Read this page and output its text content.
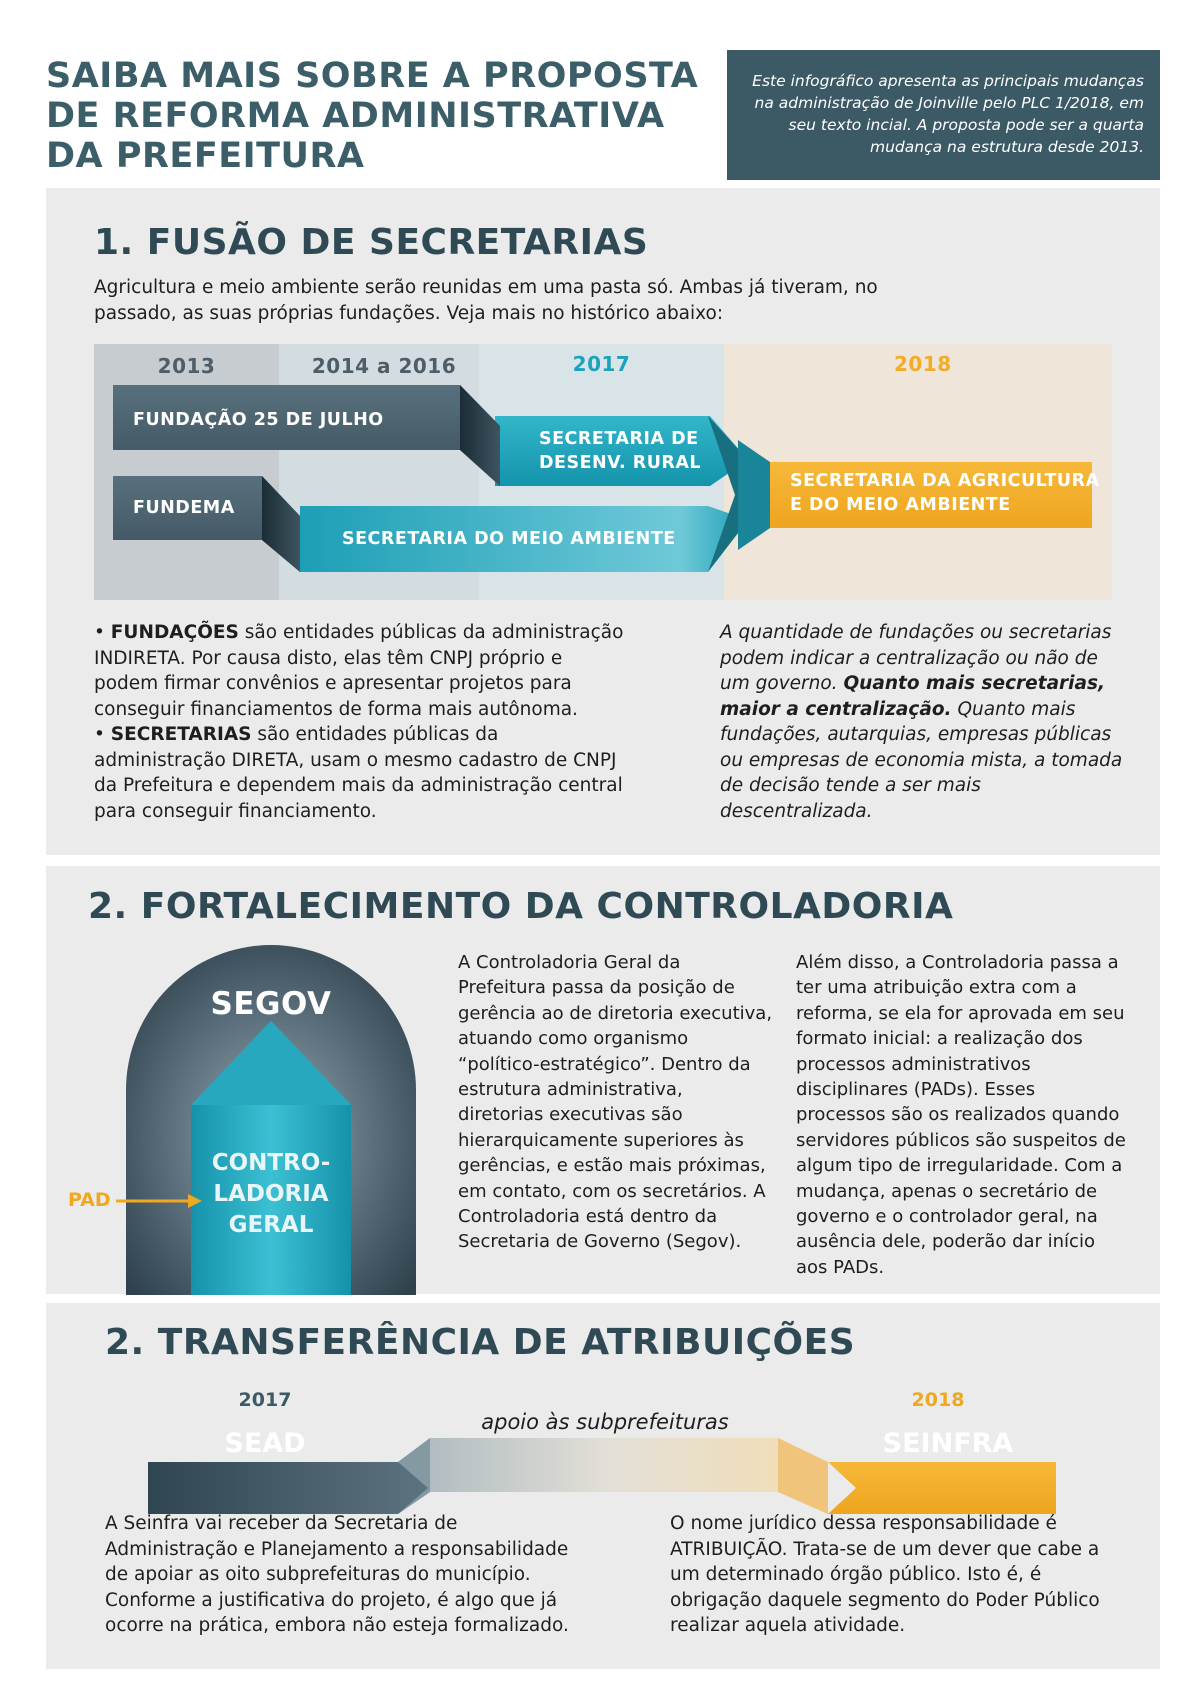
SAIBA MAIS SOBRE A PROPOSTA
DE REFORMA ADMINISTRATIVA
DA PREFEITURA
Este infográfico apresenta as principais mudanças na administração de Joinville pelo PLC 1/2018, em seu texto incial. A proposta pode ser a quarta mudança na estrutura desde 2013.
1. FUSÃO DE SECRETARIAS
Agricultura e meio ambiente serão reunidas em uma pasta só. Ambas já tiveram, no passado, as suas próprias fundações. Veja mais no histórico abaixo:
2013	2014 a 2016	2017	2018
FUNDAÇÃO 25 DE JULHO
FUNDEMA
SECRETARIA DE
DESENV. RURAL
SECRETARIA DO MEIO AMBIENTE
SECRETARIA DA AGRICULTURA
E DO MEIO AMBIENTE
• FUNDAÇÕES são entidades públicas da administração INDIRETA. Por causa disto, elas têm CNPJ próprio e podem firmar convênios e apresentar projetos para conseguir financiamentos de forma mais autônoma.
• SECRETARIAS são entidades públicas da administração DIRETA, usam o mesmo cadastro de CNPJ da Prefeitura e dependem mais da administração central para conseguir financiamento.
A quantidade de fundações ou secretarias podem indicar a centralização ou não de um governo. Quanto mais secretarias, maior a centralização. Quanto mais fundações, autarquias, empresas públicas ou empresas de economia mista, a tomada de decisão tende a ser mais descentralizada.
2. FORTALECIMENTO DA CONTROLADORIA
SEGOV
CONTRO-
LADORIA
GERAL
PAD
A Controladoria Geral da Prefeitura passa da posição de gerência ao de diretoria executiva, atuando como organismo “político-estratégico”. Dentro da estrutura administrativa, diretorias executivas são hierarquicamente superiores às gerências, e estão mais próximas, em contato, com os secretários. A Controladoria está dentro da Secretaria de Governo (Segov).
Além disso, a Controladoria passa a ter uma atribuição extra com a reforma, se ela for aprovada em seu formato inicial: a realização dos processos administrativos disciplinares (PADs). Esses processos são os realizados quando servidores públicos são suspeitos de algum tipo de irregularidade. Com a mudança, apenas o secretário de governo e o controlador geral, na ausência dele, poderão dar início aos PADs.
2. TRANSFERÊNCIA DE ATRIBUIÇÕES
2017
SEAD
apoio às subprefeituras
2018
SEINFRA
A Seinfra vai receber da Secretaria de Administração e Planejamento a responsabilidade de apoiar as oito subprefeituras do município. Conforme a justificativa do projeto, é algo que já ocorre na prática, embora não esteja formalizado.
O nome jurídico dessa responsabilidade é ATRIBUIÇÃO. Trata-se de um dever que cabe a um determinado órgão público. Isto é, é obrigação daquele segmento do Poder Público realizar aquela atividade.
